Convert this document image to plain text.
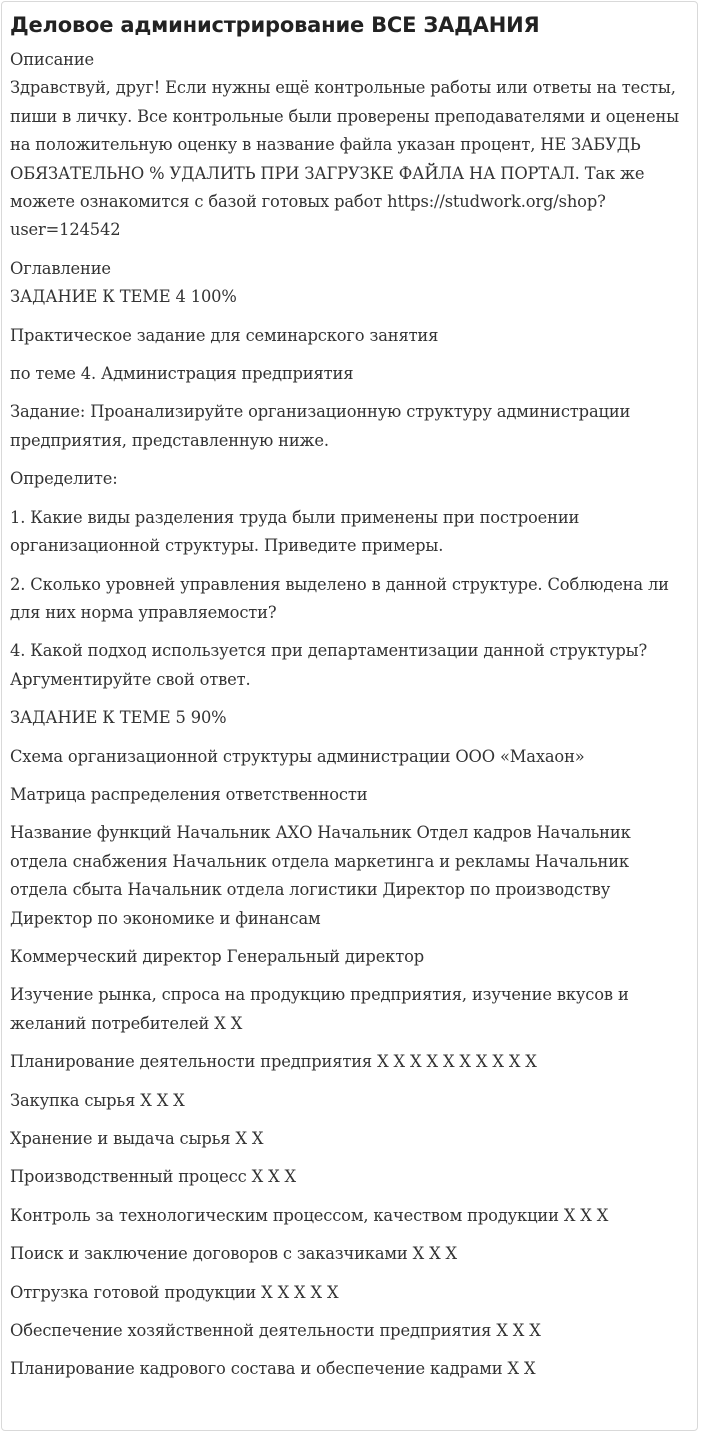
Деловое администрирование ВСЕ ЗАДАНИЯ

Описание

Здравствуй, друг! Если нужны ещё контрольные работы или ответы на тесты, пиши в личку. Все контрольные были проверены преподавателями и оценены на положительную оценку в название файла указан процент, НЕ ЗАБУДЬ ОБЯЗАТЕЛЬНО % УДАЛИТЬ ПРИ ЗАГРУЗКЕ ФАЙЛА НА ПОРТАЛ. Так же можете ознакомится с базой готовых работ https://studwork.org/shop?user=124542

Оглавление

ЗАДАНИЕ К ТЕМЕ 4 100%

Практическое задание для семинарского занятия

по теме 4. Администрация предприятия

Задание: Проанализируйте организационную структуру администрации предприятия, представленную ниже.

Определите:

1. Какие виды разделения труда были применены при построении организационной структуры. Приведите примеры.

2. Сколько уровней управления выделено в данной структуре. Соблюдена ли для них норма управляемости?

4. Какой подход используется при департаментизации данной структуры? Аргументируйте свой ответ.

ЗАДАНИЕ К ТЕМЕ 5 90%

Схема организационной структуры администрации ООО «Махаон»

Матрица распределения ответственности

Название функций Начальник АХО Начальник Отдел кадров Начальник отдела снабжения Начальник отдела маркетинга и рекламы Начальник отдела сбыта Начальник отдела логистики Директор по производству Директор по экономике и финансам

Коммерческий директор Генеральный директор

Изучение рынка, спроса на продукцию предприятия, изучение вкусов и желаний потребителей Х Х

Планирование деятельности предприятия Х Х Х Х Х Х Х Х Х Х

Закупка сырья Х Х Х

Хранение и выдача сырья Х Х

Производственный процесс Х Х Х

Контроль за технологическим процессом, качеством продукции Х Х Х

Поиск и заключение договоров с заказчиками Х Х Х

Отгрузка готовой продукции Х Х Х Х Х

Обеспечение хозяйственной деятельности предприятия Х Х Х

Планирование кадрового состава и обеспечение кадрами Х Х
